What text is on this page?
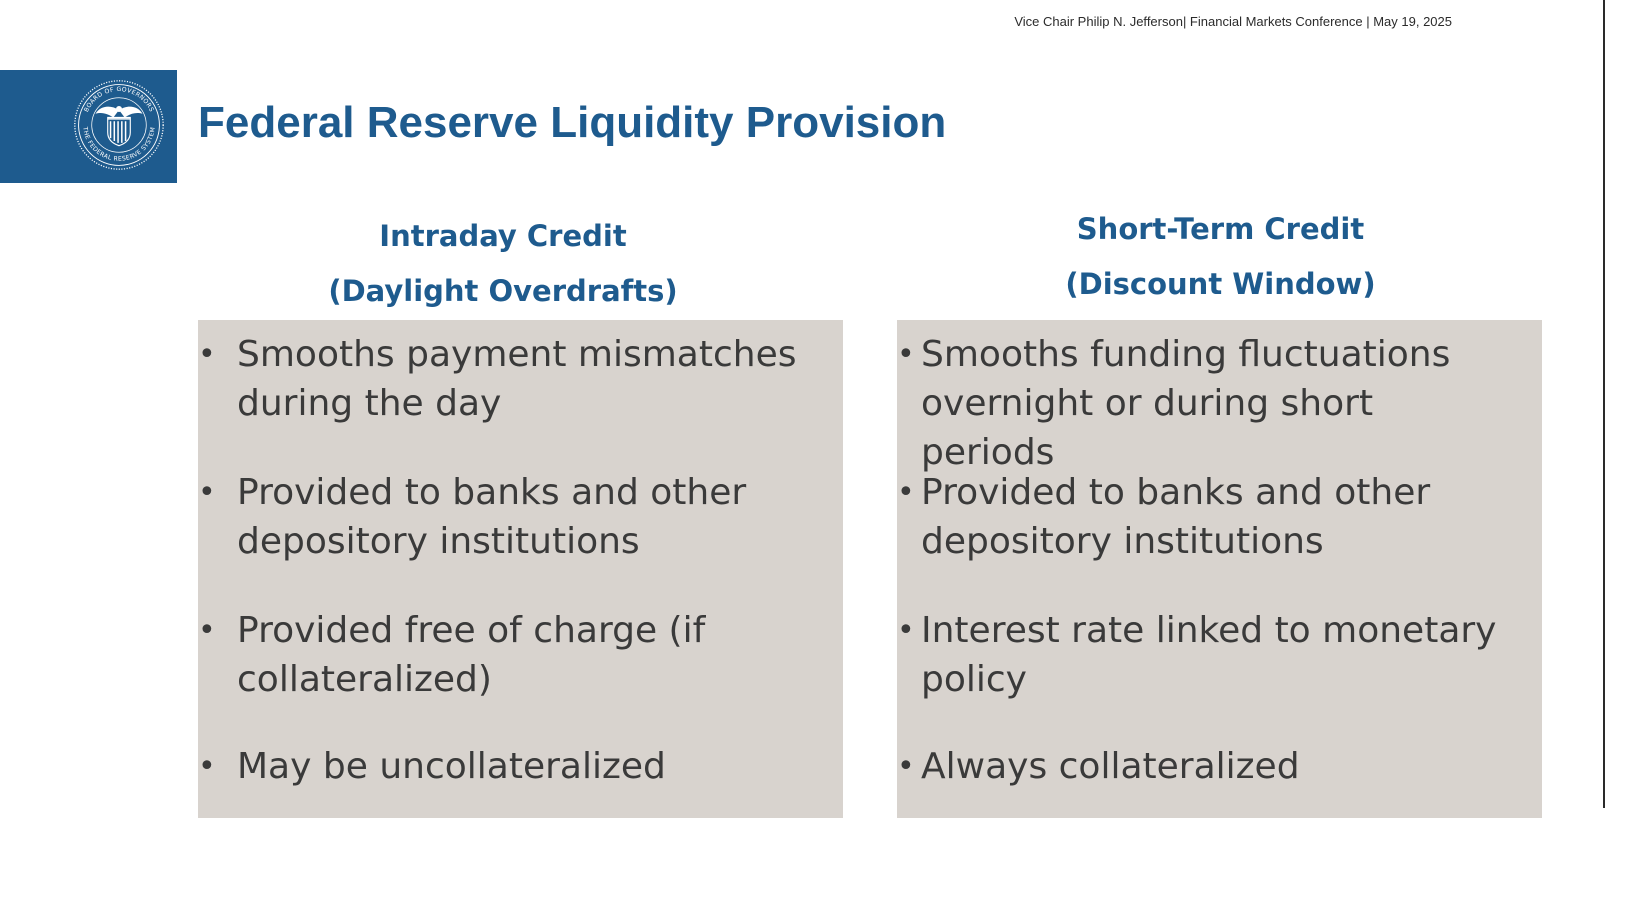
Vice Chair Philip N. Jefferson| Financial Markets Conference | May 19, 2025
BOARD OF GOVERNORS
THE FEDERAL RESERVE SYSTEM Federal Reserve Liquidity Provision
Intraday Credit
(Daylight Overdrafts)
Short-Term Credit
(Discount Window)
• Smooths payment mismatches during the day
• Provided to banks and other depository institutions
• Provided free of charge (if collateralized)
• May be uncollateralized
• Smooths funding fluctuations overnight or during short periods
• Provided to banks and other depository institutions
• Interest rate linked to monetary policy
• Always collateralized
